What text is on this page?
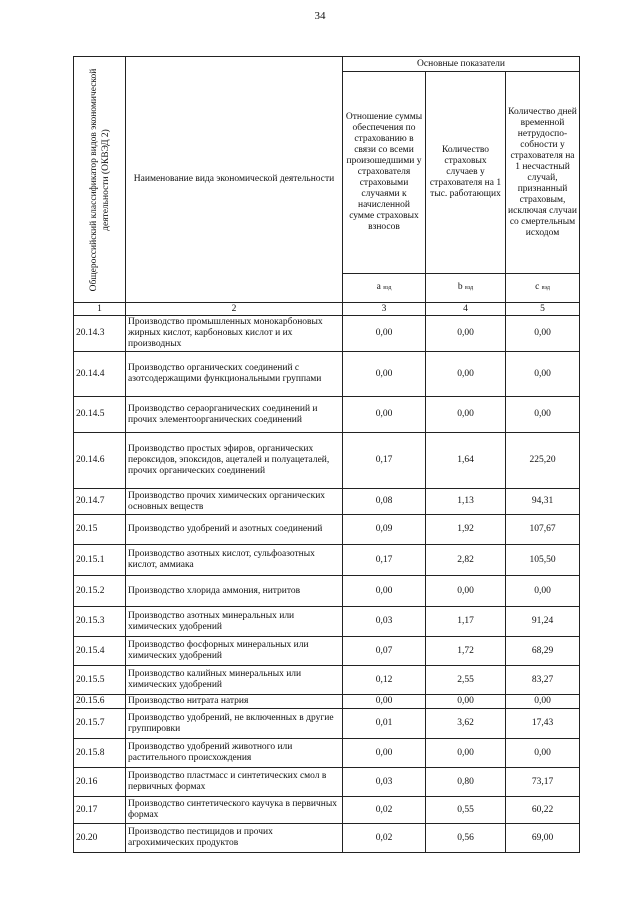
34
Общероссийский классификатор видов экономической деятельности (ОКВЭД 2)	Наименование вида экономической деятельности	Основные показатели		
		Отношение суммы обеспечения по страхованию в связи со всеми произошедшими у страхователя страховыми случаями к начисленной сумме страховых взносов	Количество страховых случаев у страхователя на 1 тыс. работающих	Количество дней временной нетрудоспо-собности у страхователя на 1 несчастный случай, признанный страховым, исключая случаи со смертельным исходом
		а вэд	b вэд	с вэд
1	2	3	4	5
20.14.3	Производство промышленных монокарбоновых жирных кислот, карбоновых кислот и их производных	0,00	0,00	0,00
20.14.4	Производство органических соединений с азотсодержащими функциональными группами	0,00	0,00	0,00
20.14.5	Производство сераорганических соединений и прочих элементоорганических соединений	0,00	0,00	0,00
20.14.6	Производство простых эфиров, органических пероксидов, эпоксидов, ацеталей и полуацеталей, прочих органических соединений	0,17	1,64	225,20
20.14.7	Производство прочих химических органических основных веществ	0,08	1,13	94,31
20.15	Производство удобрений и азотных соединений	0,09	1,92	107,67
20.15.1	Производство азотных кислот, сульфоазотных кислот, аммиака	0,17	2,82	105,50
20.15.2	Производство хлорида аммония, нитритов	0,00	0,00	0,00
20.15.3	Производство азотных минеральных или химических удобрений	0,03	1,17	91,24
20.15.4	Производство фосфорных минеральных или химических удобрений	0,07	1,72	68,29
20.15.5	Производство калийных минеральных или химических удобрений	0,12	2,55	83,27
20.15.6	Производство нитрата натрия	0,00	0,00	0,00
20.15.7	Производство удобрений, не включенных в другие группировки	0,01	3,62	17,43
20.15.8	Производство удобрений животного или растительного происхождения	0,00	0,00	0,00
20.16	Производство пластмасс и синтетических смол в первичных формах	0,03	0,80	73,17
20.17	Производство синтетического каучука в первичных формах	0,02	0,55	60,22
20.20	Производство пестицидов и прочих агрохимических продуктов	0,02	0,56	69,00
